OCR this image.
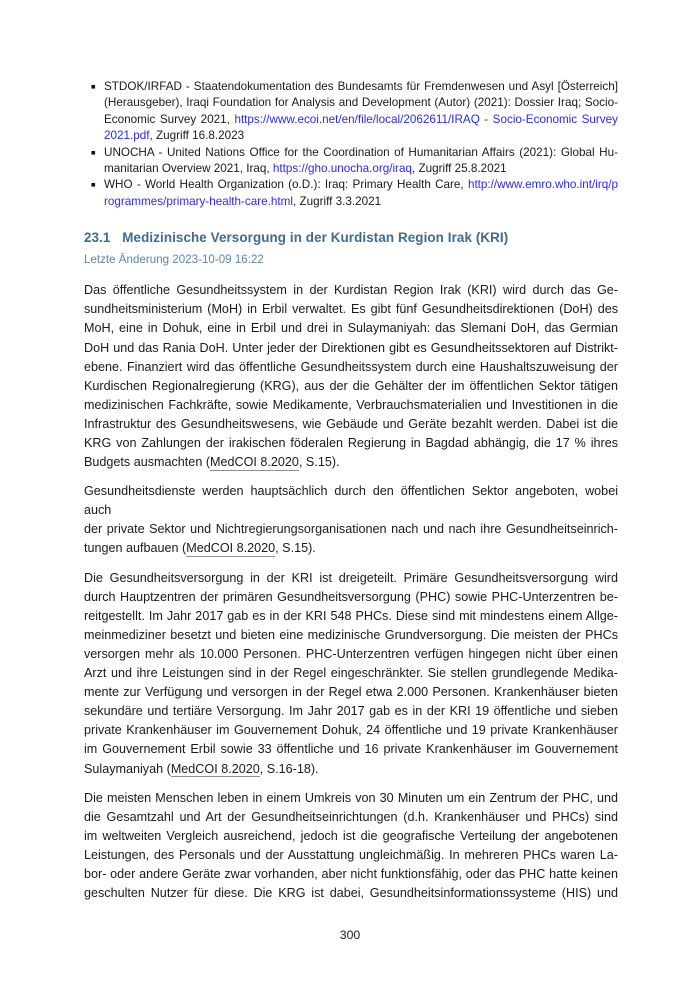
■ STDOK/IRFAD - Staatendokumentation des Bundesamts für Fremdenwesen und Asyl [Österreich]
(Herausgeber), Iraqi Foundation for Analysis and Development (Autor) (2021): Dossier Iraq; Socio-
Economic Survey 2021, https://www.ecoi.net/en/file/local/2062611/IRAQ - Socio-Economic Survey
2021.pdf, Zugriff 16.8.2023
■ UNOCHA - United Nations Office for the Coordination of Humanitarian Affairs (2021): Global Hu-
manitarian Overview 2021, Iraq, https://gho.unocha.org/iraq, Zugriff 25.8.2021
■ WHO - World Health Organization (o.D.): Iraq: Primary Health Care, http://www.emro.who.int/irq/p
rogrammes/primary-health-care.html, Zugriff 3.3.2021
23.1 Medizinische Versorgung in der Kurdistan Region Irak (KRI)
Letzte Änderung 2023-10-09 16:22
Das öffentliche Gesundheitssystem in der Kurdistan Region Irak (KRI) wird durch das Ge-
sundheitsministerium (MoH) in Erbil verwaltet. Es gibt fünf Gesundheitsdirektionen (DoH) des
MoH, eine in Dohuk, eine in Erbil und drei in Sulaymaniyah: das Slemani DoH, das Germian
DoH und das Rania DoH. Unter jeder der Direktionen gibt es Gesundheitssektoren auf Distrikt-
ebene. Finanziert wird das öffentliche Gesundheitssystem durch eine Haushaltszuweisung der
Kurdischen Regionalregierung (KRG), aus der die Gehälter der im öffentlichen Sektor tätigen
medizinischen Fachkräfte, sowie Medikamente, Verbrauchsmaterialien und Investitionen in die
Infrastruktur des Gesundheitswesens, wie Gebäude und Geräte bezahlt werden. Dabei ist die
KRG von Zahlungen der irakischen föderalen Regierung in Bagdad abhängig, die 17 % ihres
Budgets ausmachten (MedCOI 8.2020, S.15).
Gesundheitsdienste werden hauptsächlich durch den öffentlichen Sektor angeboten, wobei auch
der private Sektor und Nichtregierungsorganisationen nach und nach ihre Gesundheitseinrich-
tungen aufbauen (MedCOI 8.2020, S.15).
Die Gesundheitsversorgung in der KRI ist dreigeteilt. Primäre Gesundheitsversorgung wird
durch Hauptzentren der primären Gesundheitsversorgung (PHC) sowie PHC-Unterzentren be-
reitgestellt. Im Jahr 2017 gab es in der KRI 548 PHCs. Diese sind mit mindestens einem Allge-
meinmediziner besetzt und bieten eine medizinische Grundversorgung. Die meisten der PHCs
versorgen mehr als 10.000 Personen. PHC-Unterzentren verfügen hingegen nicht über einen
Arzt und ihre Leistungen sind in der Regel eingeschränkter. Sie stellen grundlegende Medika-
mente zur Verfügung und versorgen in der Regel etwa 2.000 Personen. Krankenhäuser bieten
sekundäre und tertiäre Versorgung. Im Jahr 2017 gab es in der KRI 19 öffentliche und sieben
private Krankenhäuser im Gouvernement Dohuk, 24 öffentliche und 19 private Krankenhäuser
im Gouvernement Erbil sowie 33 öffentliche und 16 private Krankenhäuser im Gouvernement
Sulaymaniyah (MedCOI 8.2020, S.16-18).
Die meisten Menschen leben in einem Umkreis von 30 Minuten um ein Zentrum der PHC, und
die Gesamtzahl und Art der Gesundheitseinrichtungen (d.h. Krankenhäuser und PHCs) sind
im weltweiten Vergleich ausreichend, jedoch ist die geografische Verteilung der angebotenen
Leistungen, des Personals und der Ausstattung ungleichmäßig. In mehreren PHCs waren La-
bor- oder andere Geräte zwar vorhanden, aber nicht funktionsfähig, oder das PHC hatte keinen
geschulten Nutzer für diese. Die KRG ist dabei, Gesundheitsinformationssysteme (HIS) und
300
